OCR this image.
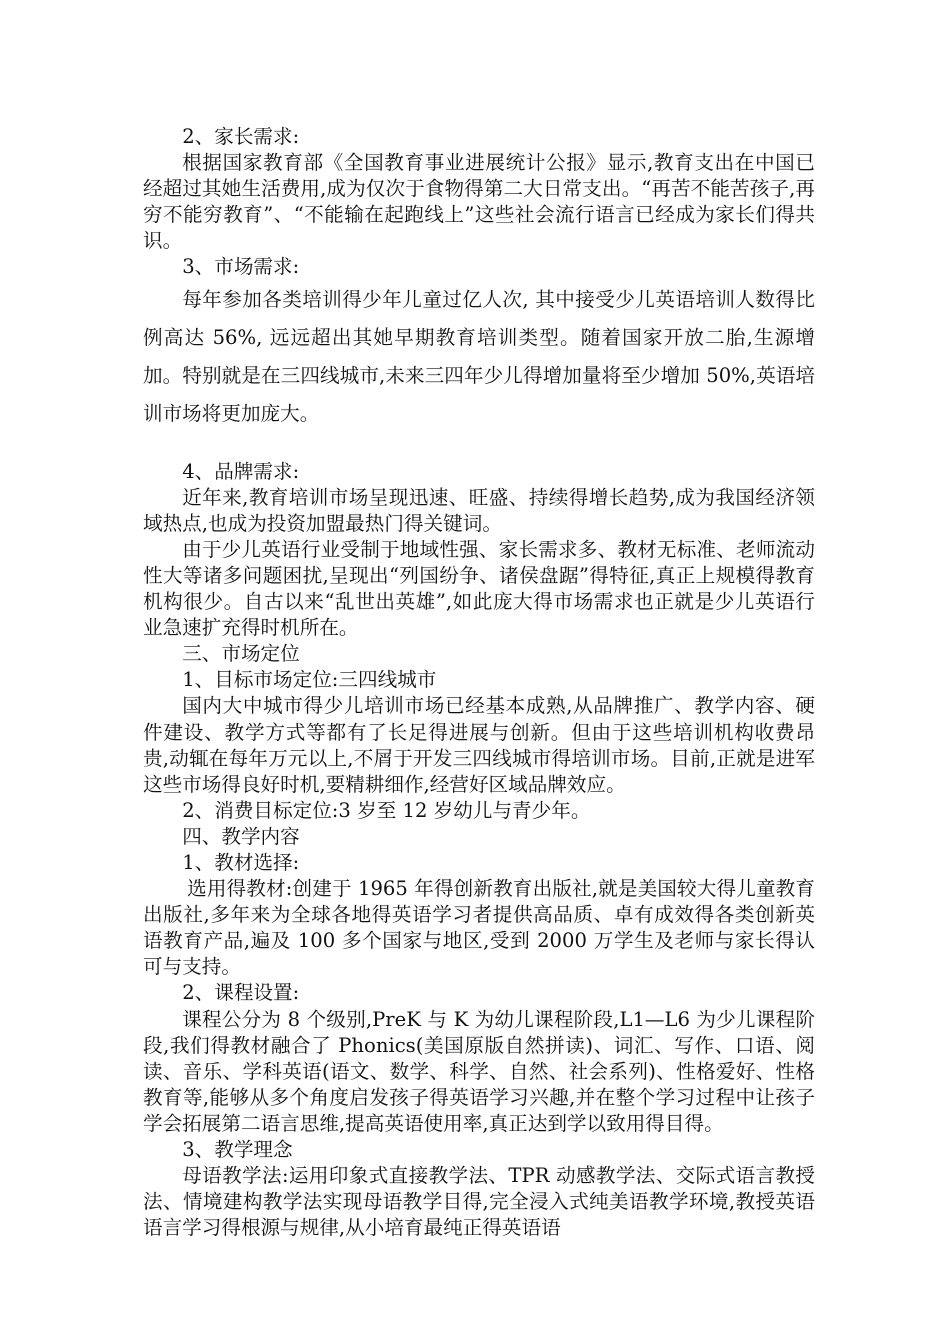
2、家长需求:

根据国家教育部《全国教育事业进展统计公报》显示,教育支出在中国已经超过其她生活费用,成为仅次于食物得第二大日常支出。“再苦不能苦孩子,再穷不能穷教育”、“不能输在起跑线上”这些社会流行语言已经成为家长们得共识。

3、市场需求:

每年参加各类培训得少年儿童过亿人次, 其中接受少儿英语培训人数得比例高达 56%, 远远超出其她早期教育培训类型。随着国家开放二胎,生源增加。特别就是在三四线城市,未来三四年少儿得增加量将至少增加 50%,英语培训市场将更加庞大。

4、品牌需求:

近年来,教育培训市场呈现迅速、旺盛、持续得增长趋势,成为我国经济领域热点,也成为投资加盟最热门得关键词。

由于少儿英语行业受制于地域性强、家长需求多、教材无标准、老师流动性大等诸多问题困扰,呈现出“列国纷争、诸侯盘踞”得特征,真正上规模得教育机构很少。自古以来“乱世出英雄”,如此庞大得市场需求也正就是少儿英语行业急速扩充得时机所在。

三、市场定位

1、目标市场定位:三四线城市

国内大中城市得少儿培训市场已经基本成熟,从品牌推广、教学内容、硬件建设、教学方式等都有了长足得进展与创新。但由于这些培训机构收费昂贵,动辄在每年万元以上,不屑于开发三四线城市得培训市场。目前,正就是进军这些市场得良好时机,要精耕细作,经营好区域品牌效应。

2、消费目标定位:3 岁至 12 岁幼儿与青少年。

四、教学内容

1、教材选择:

选用得教材:创建于 1965 年得创新教育出版社,就是美国较大得儿童教育出版社,多年来为全球各地得英语学习者提供高品质、卓有成效得各类创新英语教育产品,遍及 100 多个国家与地区,受到 2000 万学生及老师与家长得认可与支持。

2、课程设置:

课程公分为 8 个级别,PreK 与 K 为幼儿课程阶段,L1—L6 为少儿课程阶段,我们得教材融合了 Phonics(美国原版自然拼读)、词汇、写作、口语、阅读、音乐、学科英语(语文、数学、科学、自然、社会系列)、性格爱好、性格教育等,能够从多个角度启发孩子得英语学习兴趣,并在整个学习过程中让孩子学会拓展第二语言思维,提高英语使用率,真正达到学以致用得目得。

3、教学理念

母语教学法:运用印象式直接教学法、TPR 动感教学法、交际式语言教授法、情境建构教学法实现母语教学目得,完全浸入式纯美语教学环境,教授英语语言学习得根源与规律,从小培育最纯正得英语语
